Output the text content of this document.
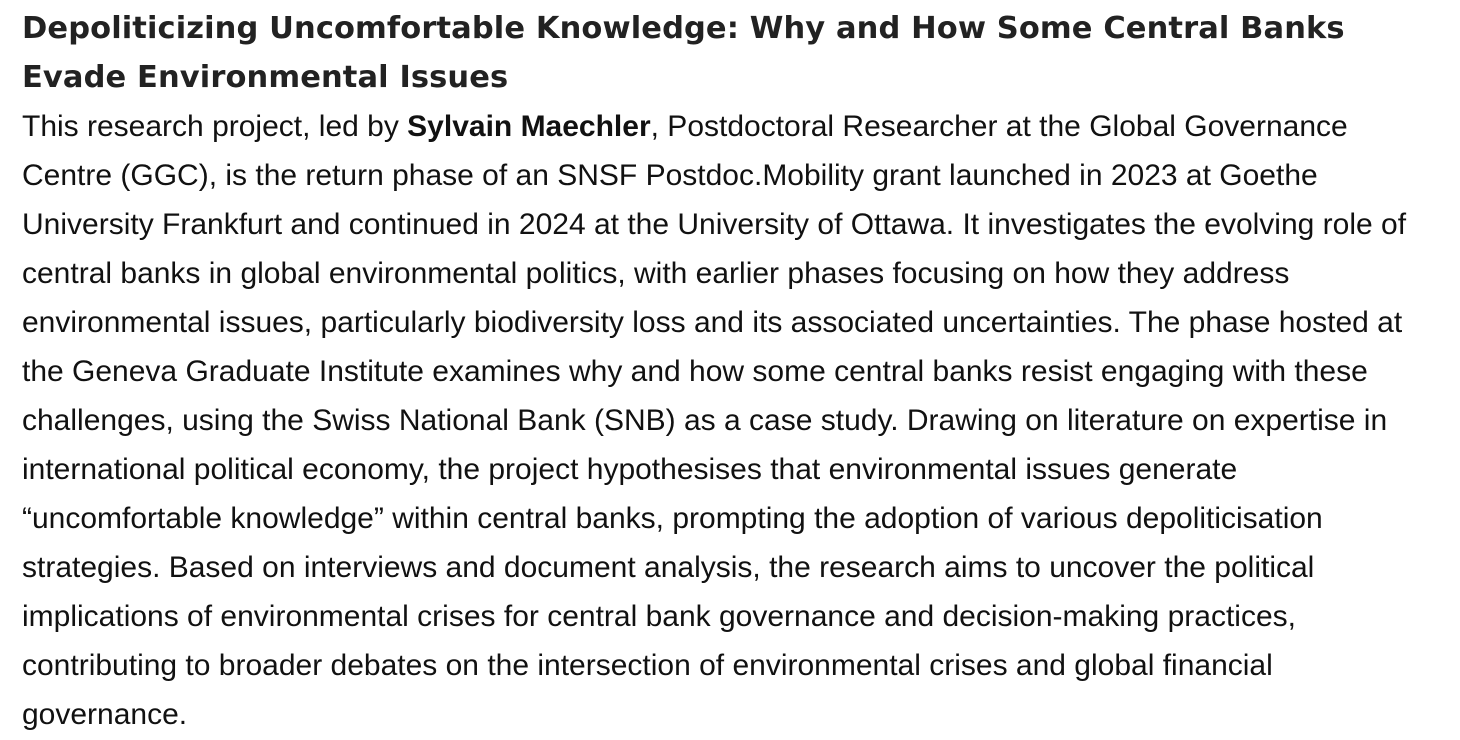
Depoliticizing Uncomfortable Knowledge: Why and How Some Central Banks Evade Environmental Issues

This research project, led by Sylvain Maechler, Postdoctoral Researcher at the Global Governance Centre (GGC), is the return phase of an SNSF Postdoc.Mobility grant launched in 2023 at Goethe University Frankfurt and continued in 2024 at the University of Ottawa. It investigates the evolving role of central banks in global environmental politics, with earlier phases focusing on how they address environmental issues, particularly biodiversity loss and its associated uncertainties. The phase hosted at the Geneva Graduate Institute examines why and how some central banks resist engaging with these challenges, using the Swiss National Bank (SNB) as a case study. Drawing on literature on expertise in international political economy, the project hypothesises that environmental issues generate “uncomfortable knowledge” within central banks, prompting the adoption of various depoliticisation strategies. Based on interviews and document analysis, the research aims to uncover the political implications of environmental crises for central bank governance and decision-making practices, contributing to broader debates on the intersection of environmental crises and global financial governance.
